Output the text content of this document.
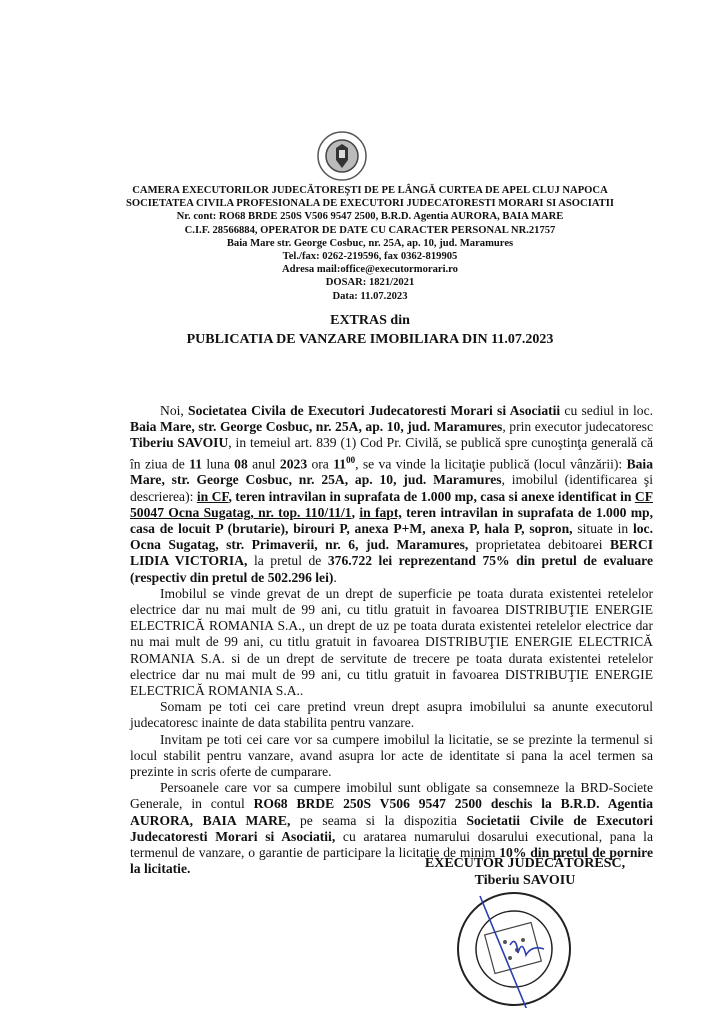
CAMERA EXECUTORILOR JUDECĂTOREŞTI DE PE LÂNGĂ CURTEA DE APEL CLUJ NAPOCA
SOCIETATEA CIVILA PROFESIONALA DE EXECUTORI JUDECATORESTI MORARI SI ASOCIATII
Nr. cont: RO68 BRDE 250S V506 9547 2500, B.R.D. Agentia AURORA, BAIA MARE
C.I.F. 28566884, OPERATOR DE DATE CU CARACTER PERSONAL NR.21757
Baia Mare str. George Cosbuc, nr. 25A, ap. 10, jud. Maramures
Tel./fax: 0262-219596, fax 0362-819905
Adresa mail:office@executormorari.ro
DOSAR: 1821/2021
Data: 11.07.2023
EXTRAS din
PUBLICATIA DE VANZARE IMOBILIARA DIN 11.07.2023

Noi, Societatea Civila de Executori Judecatoresti Morari si Asociatii cu sediul in loc. Baia Mare, str. George Cosbuc, nr. 25A, ap. 10, jud. Maramures, prin executor judecatoresc Tiberiu SAVOIU, in temeiul art. 839 (1) Cod Pr. Civilă, se publică spre cunoştinţa generală că în ziua de 11 luna 08 anul 2023 ora $11^{00}$, se va vinde la licitaţie publică (locul vânzării): Baia Mare, str. George Cosbuc, nr. 25A, ap. 10, jud. Maramures, imobilul (identificarea şi descrierea): in CF, teren intravilan in suprafata de 1.000 mp, casa si anexe identificat in CF 50047 Ocna Sugatag, nr. top. 110/11/1, in fapt, teren intravilan in suprafata de 1.000 mp, casa de locuit P (brutarie), birouri P, anexa P+M, anexa P, hala P, sopron, situate in loc. Ocna Sugatag, str. Primaverii, nr. 6, jud. Maramures, proprietatea debitoarei BERCI LIDIA VICTORIA, la pretul de 376.722 lei reprezentand 75% din pretul de evaluare (respectiv din pretul de 502.296 lei).

Imobilul se vinde grevat de un drept de superficie pe toata durata existentei retelelor electrice dar nu mai mult de 99 ani, cu titlu gratuit in favoarea DISTRIBUŢIE ENERGIE ELECTRICĂ ROMANIA S.A., un drept de uz pe toata durata existentei retelelor electrice dar nu mai mult de 99 ani, cu titlu gratuit in favoarea DISTRIBUŢIE ENERGIE ELECTRICĂ ROMANIA S.A. si de un drept de servitute de trecere pe toata durata existentei retelelor electrice dar nu mai mult de 99 ani, cu titlu gratuit in favoarea DISTRIBUŢIE ENERGIE ELECTRICĂ ROMANIA S.A..

Somam pe toti cei care pretind vreun drept asupra imobilului sa anunte executorul judecatoresc inainte de data stabilita pentru vanzare.

Invitam pe toti cei care vor sa cumpere imobilul la licitatie, se se prezinte la termenul si locul stabilit pentru vanzare, avand asupra lor acte de identitate si pana la acel termen sa prezinte in scris oferte de cumparare.

Persoanele care vor sa cumpere imobilul sunt obligate sa consemneze la BRD-Societe Generale, in contul RO68 BRDE 250S V506 9547 2500 deschis la B.R.D. Agentia AURORA, BAIA MARE, pe seama si la dispozitia Societatii Civile de Executori Judecatoresti Morari si Asociatii, cu aratarea numarului dosarului executional, pana la termenul de vanzare, o garantie de participare la licitatie de minim 10% din pretul de pornire la licitatie.	EXECUTOR JUDECĂTORESC,
Tiberiu SAVOIU
